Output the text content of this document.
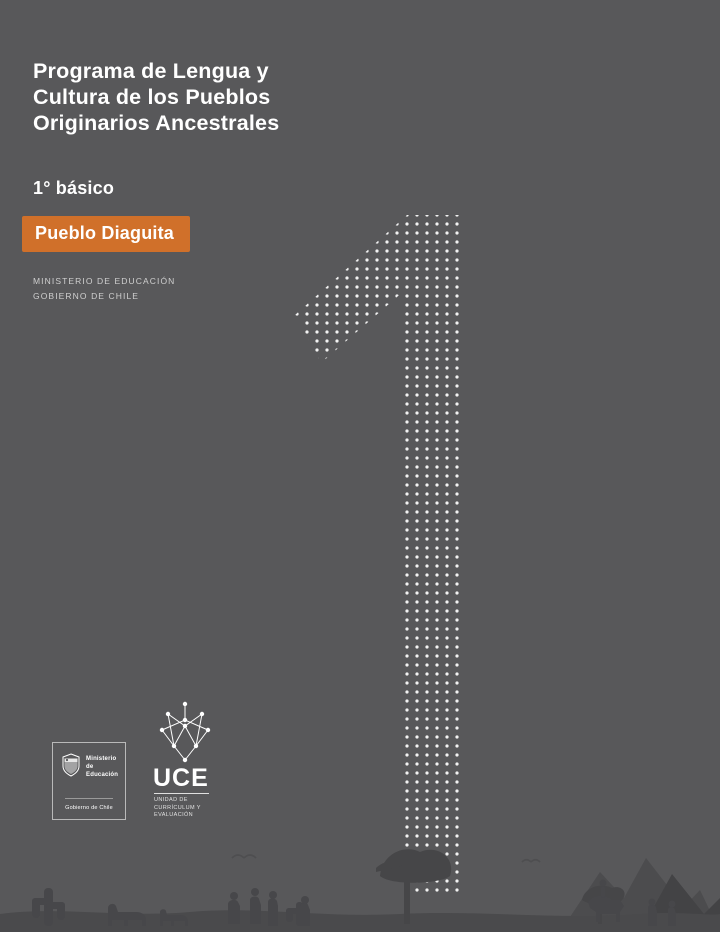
Programa de Lengua y
Cultura de los Pueblos
Originarios Ancestrales
1° básico
Pueblo Diaguita
MINISTERIO DE EDUCACIÓN
GOBIERNO DE CHILE
Ministerio de
Educación
Gobierno de Chile
UCE
UNIDAD DE
CURRÍCULUM Y
EVALUACIÓN
